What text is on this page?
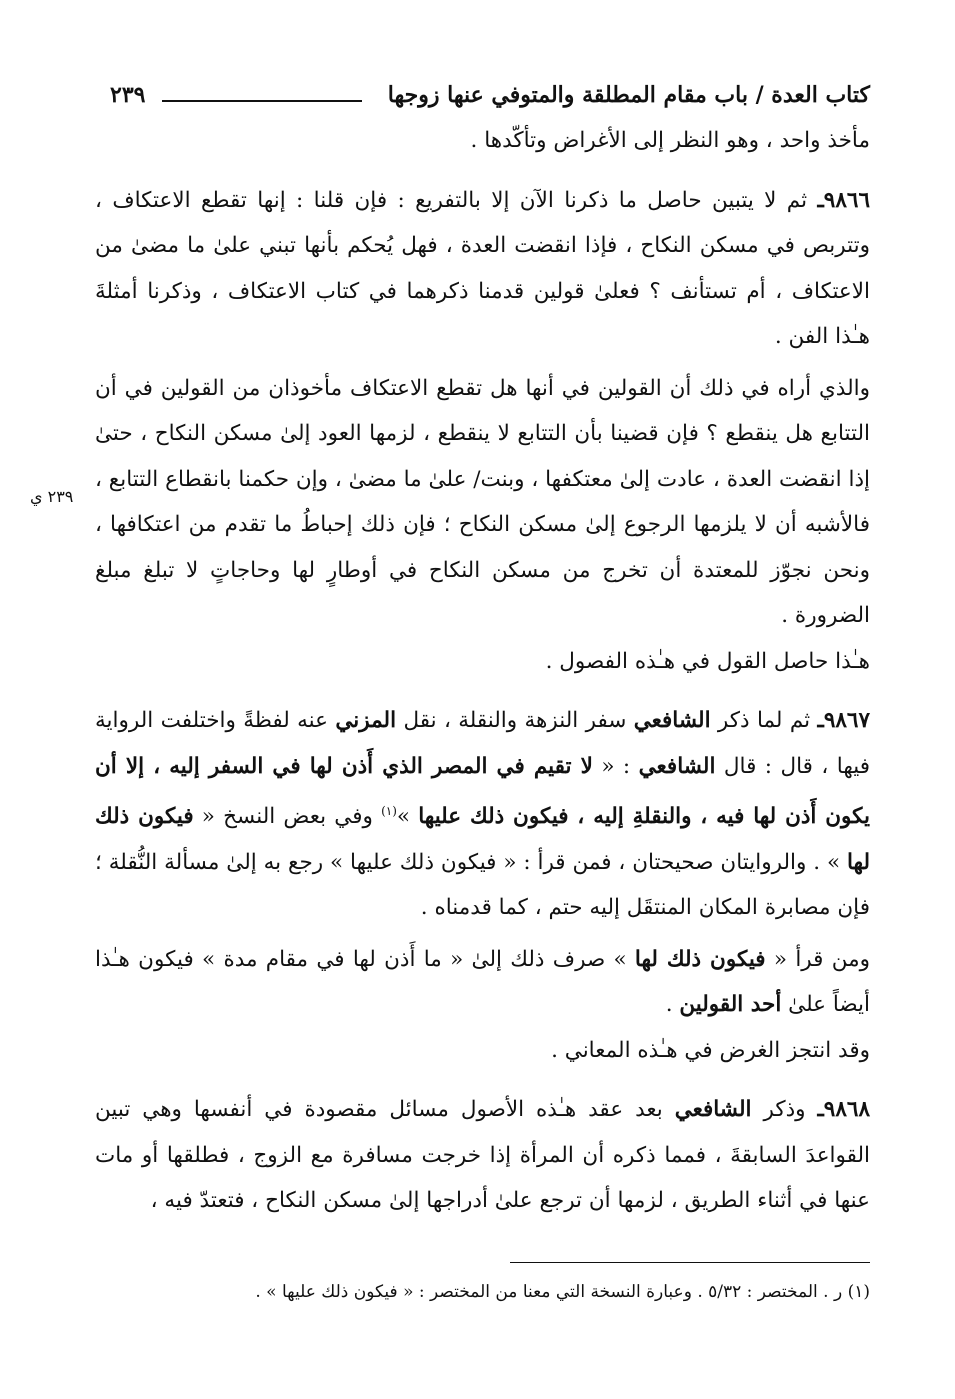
كتاب العدة / باب مقام المطلقة والمتوفي عنها زوجها
٢٣٩
٢٣٩ ي

مأخذ واحد ، وهو النظر إلى الأغراض وتأكّدها .

٩٨٦٦ـ ثم لا يتبين حاصل ما ذكرنا الآن إلا بالتفريع : فإن قلنا : إنها تقطع الاعتكاف ، وتتربص في مسكن النكاح ، فإذا انقضت العدة ، فهل يُحكم بأنها تبني علىٰ ما مضىٰ من الاعتكاف ، أم تستأنف ؟ فعلىٰ قولين قدمنا ذكرهما في كتاب الاعتكاف ، وذكرنا أمثلةَ هـٰذا الفن .

والذي أراه في ذلك أن القولين في أنها هل تقطع الاعتكاف مأخوذان من القولين في أن التتابع هل ينقطع ؟ فإن قضينا بأن التتابع لا ينقطع ، لزمها العود إلىٰ مسكن النكاح ، حتىٰ إذا انقضت العدة ، عادت إلىٰ معتكفها ، وبنت/ علىٰ ما مضىٰ ، وإن حكمنا بانقطاع التتابع ، فالأشبه أن لا يلزمها الرجوع إلىٰ مسكن النكاح ؛ فإن ذلك إحباطُ ما تقدم من اعتكافها ، ونحن نجوّز للمعتدة أن تخرج من مسكن النكاح في أوطارٍ لها وحاجاتٍ لا تبلغ مبلغ الضرورة .

هـٰذا حاصل القول في هـٰذه الفصول .

٩٨٦٧ـ ثم لما ذكر الشافعي سفر النزهة والنقلة ، نقل المزني عنه لفظةً واختلفت الرواية فيها ، قال : قال الشافعي : « لا تقيم في المصر الذي أَذن لها في السفر إليه ، إلا أن يكون أَذن لها فيه ، والنقلةِ إليه ، فيكون ذلك عليها »$^{(١)}$ وفي بعض النسخ « فيكون ذلك لها » . والروايتان صحيحتان ، فمن قرأ : « فيكون ذلك عليها » رجع به إلىٰ مسألة النُّقلة ؛ فإن مصابرة المكان المنتقَل إليه حتم ، كما قدمناه .

ومن قرأ « فيكون ذلك لها » صرف ذلك إلىٰ « ما أَذن لها في مقام مدة » فيكون هـٰذا أيضاً علىٰ أحد القولين .

وقد انتجز الغرض في هـٰذه المعاني .

٩٨٦٨ـ وذكر الشافعي بعد عقد هـٰذه الأصول مسائل مقصودة في أنفسها وهي تبين القواعدَ السابقةَ ، فمما ذكره أن المرأة إذا خرجت مسافرة مع الزوج ، فطلقها أو مات عنها في أثناء الطريق ، لزمها أن ترجع علىٰ أدراجها إلىٰ مسكن النكاح ، فتعتدّ فيه ،

(١) ر . المختصر : ٥/٣٢ . وعبارة النسخة التي معنا من المختصر : « فيكون ذلك عليها » .
